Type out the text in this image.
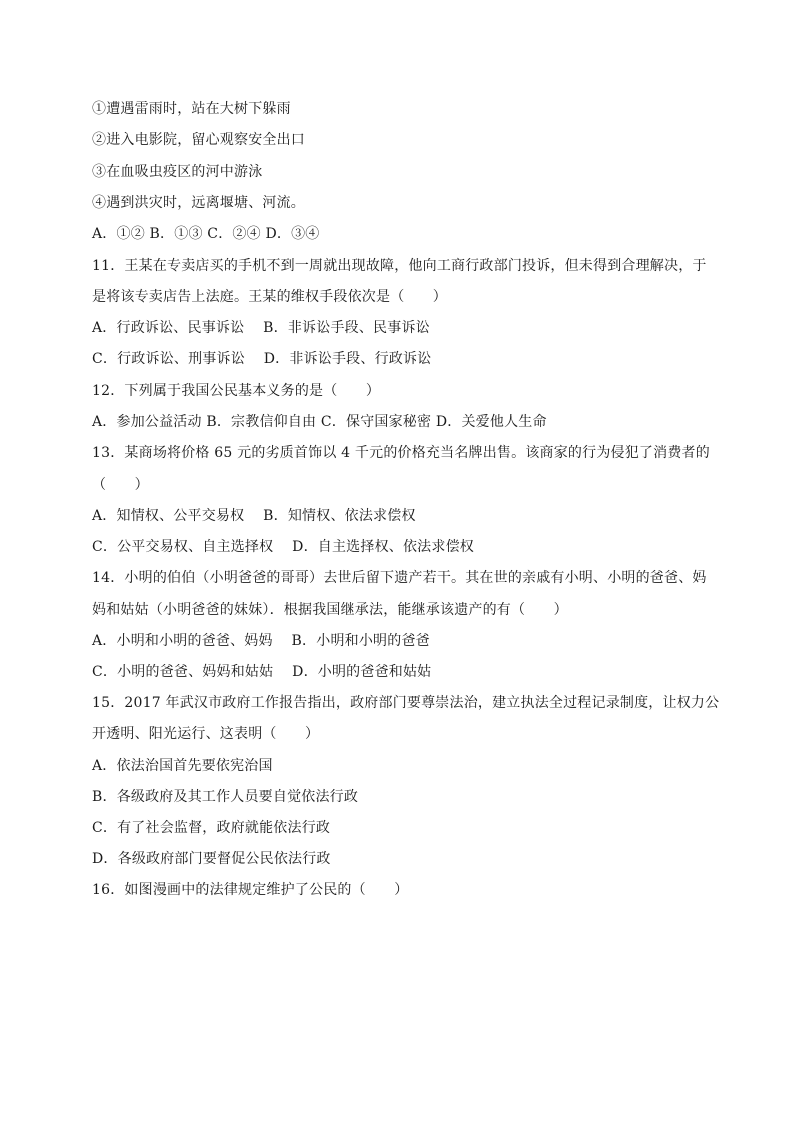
①遭遇雷雨时，站在大树下躲雨
②进入电影院，留心观察安全出口
③在血吸虫疫区的河中游泳
④遇到洪灾时，远离堰塘、河流。
A．①② B．①③ C．②④ D．③④
11．王某在专卖店买的手机不到一周就出现故障，他向工商行政部门投诉，但未得到合理解决，于
是将该专卖店告上法庭。王某的维权手段依次是（　　）
A．行政诉讼、民事诉讼　 B．非诉讼手段、民事诉讼
C．行政诉讼、刑事诉讼　 D．非诉讼手段、行政诉讼
12．下列属于我国公民基本义务的是（　　）
A．参加公益活动 B．宗教信仰自由 C．保守国家秘密 D．关爱他人生命
13．某商场将价格 65 元的劣质首饰以 4 千元的价格充当名牌出售。该商家的行为侵犯了消费者的
（　　）
A．知情权、公平交易权　 B．知情权、依法求偿权
C．公平交易权、自主选择权　 D．自主选择权、依法求偿权
14．小明的伯伯（小明爸爸的哥哥）去世后留下遗产若干。其在世的亲戚有小明、小明的爸爸、妈
妈和姑姑（小明爸爸的妹妹）．根据我国继承法，能继承该遗产的有（　　）
A．小明和小明的爸爸、妈妈　 B．小明和小明的爸爸
C．小明的爸爸、妈妈和姑姑　 D．小明的爸爸和姑姑
15．2017 年武汉市政府工作报告指出，政府部门要尊崇法治，建立执法全过程记录制度，让权力公
开透明、阳光运行、这表明（　　）
A．依法治国首先要依宪治国
B．各级政府及其工作人员要自觉依法行政
C．有了社会监督，政府就能依法行政
D．各级政府部门要督促公民依法行政
16．如图漫画中的法律规定维护了公民的（　　）
